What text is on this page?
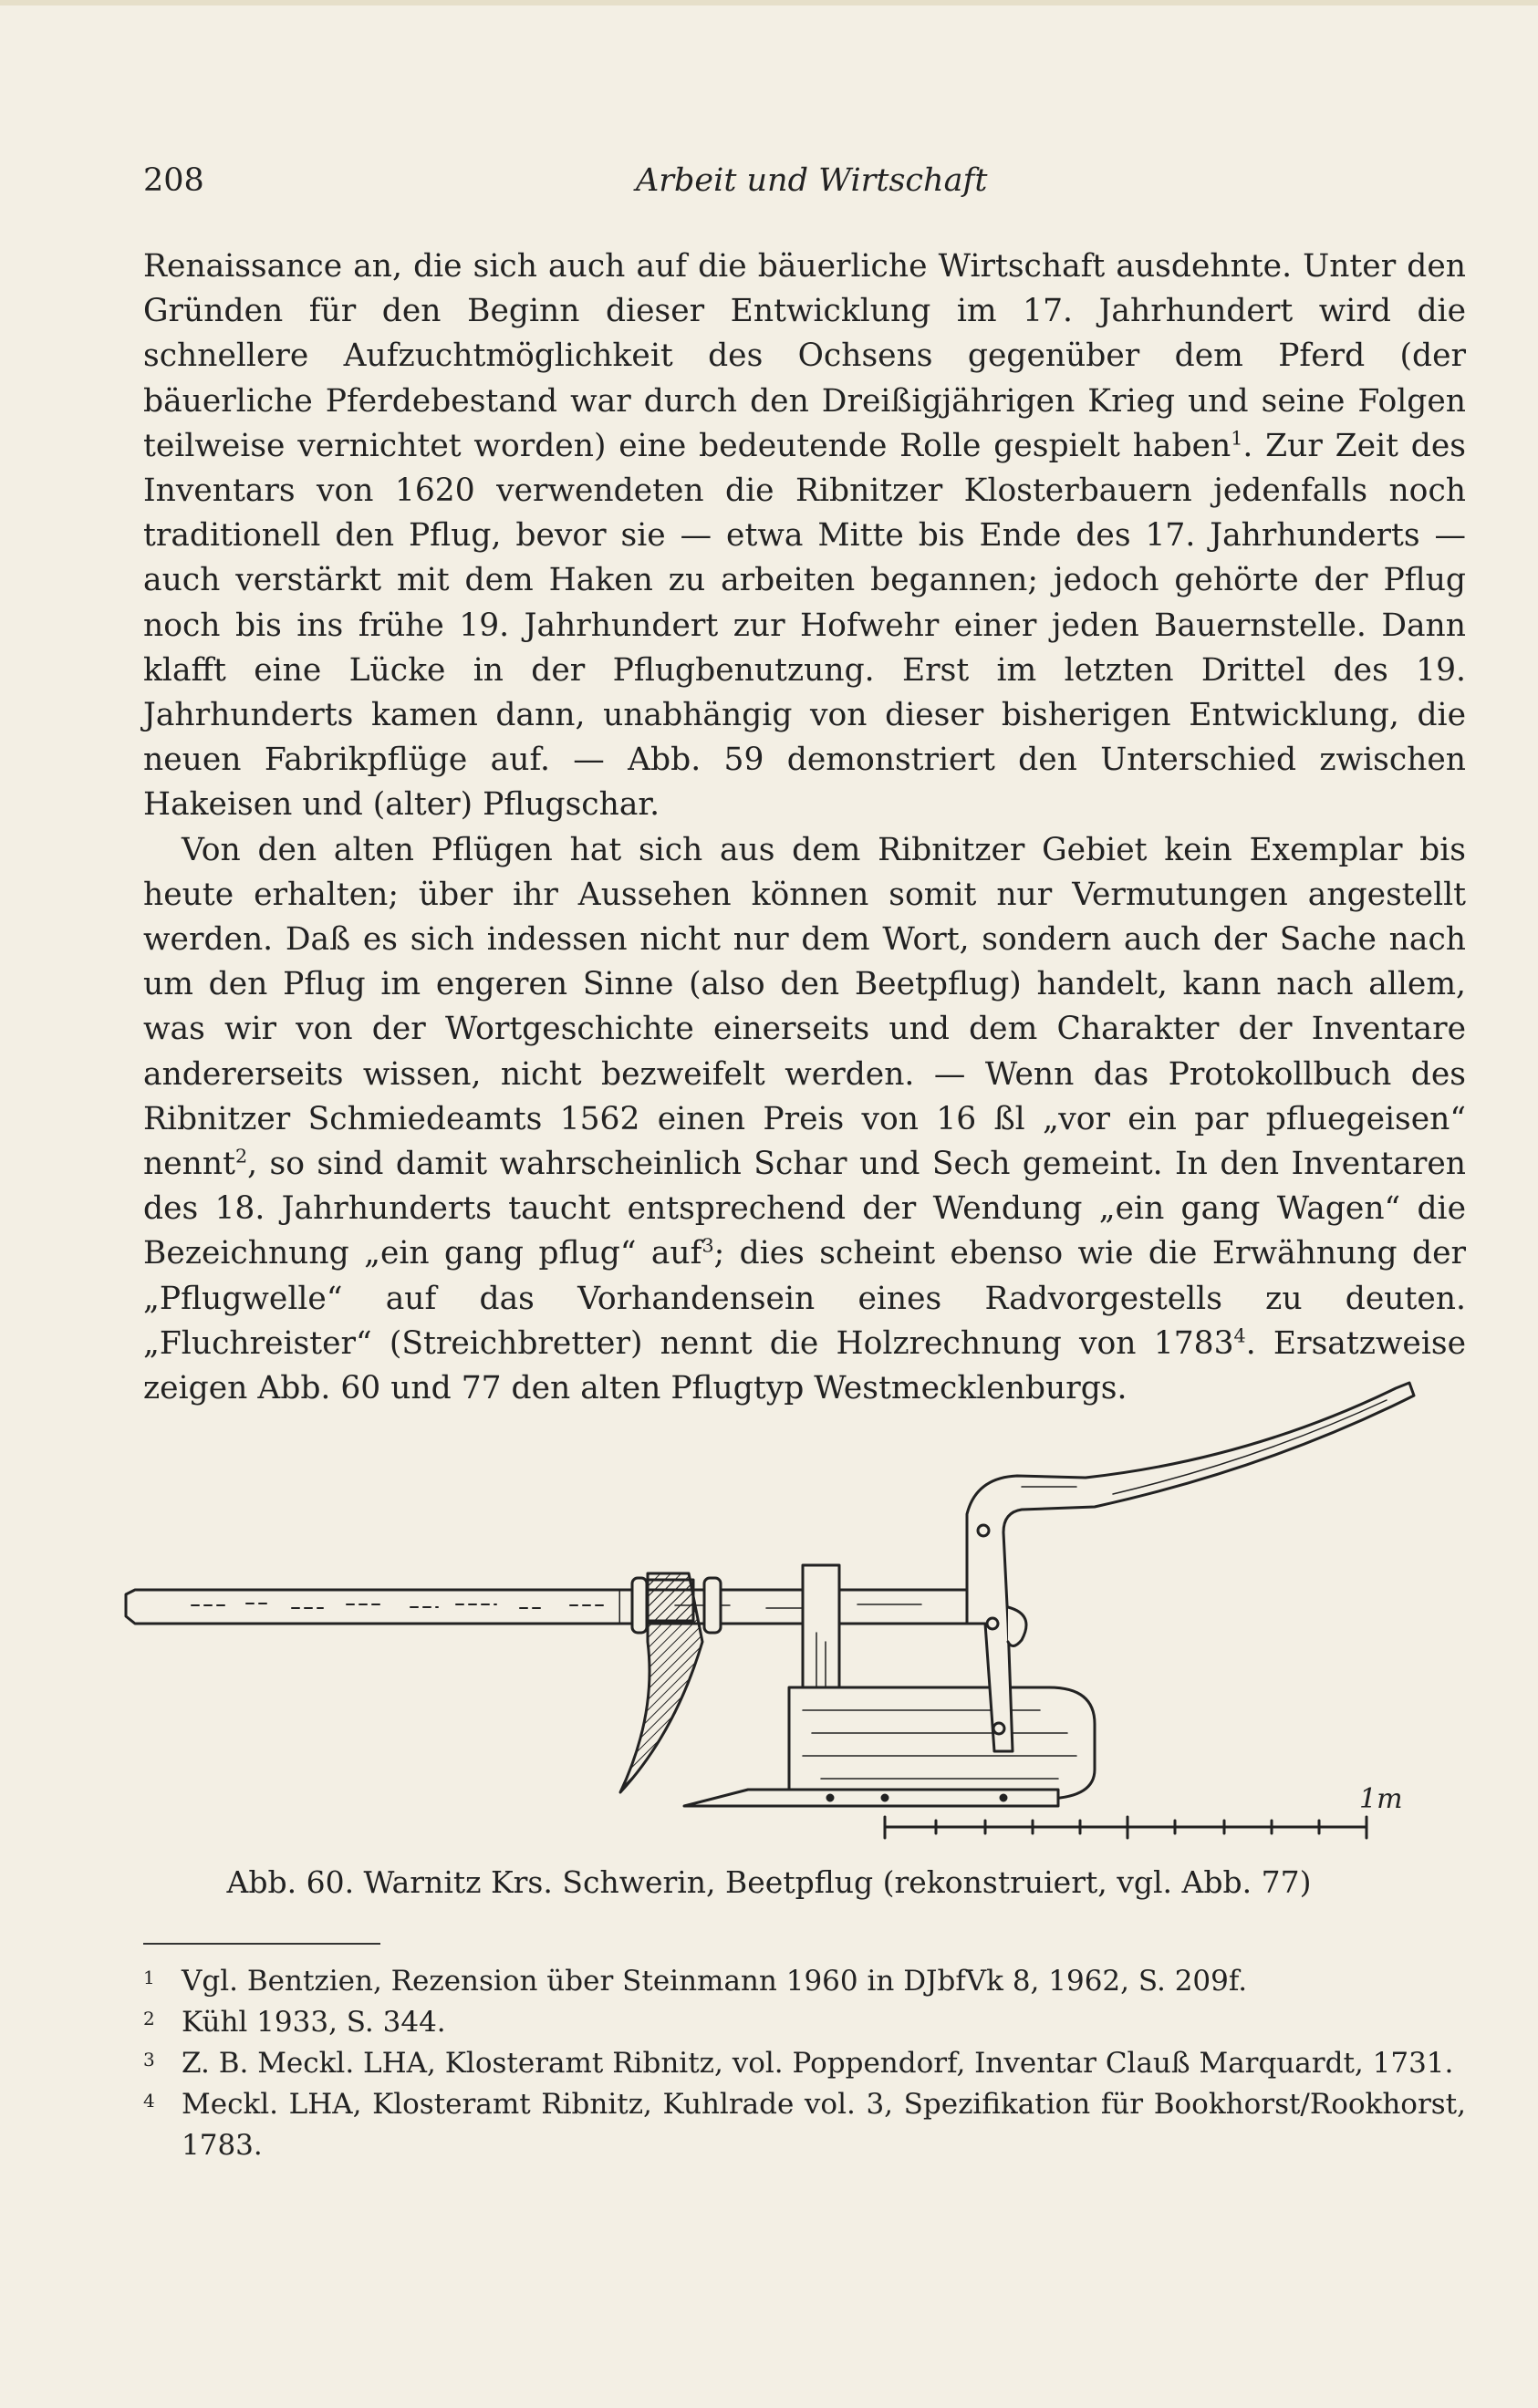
208	Arbeit und Wirtschaft

Renaissance an, die sich auch auf die bäuerliche Wirtschaft ausdehnte. Unter den Gründen für den Beginn dieser Entwicklung im 17. Jahrhundert wird die schnellere Aufzuchtmöglichkeit des Ochsens gegenüber dem Pferd (der bäuerliche Pferdebestand war durch den Dreißigjährigen Krieg und seine Folgen teilweise vernichtet worden) eine bedeutende Rolle gespielt haben$^1$. Zur Zeit des Inventars von 1620 verwendeten die Ribnitzer Klosterbauern jedenfalls noch traditionell den Pflug, bevor sie — etwa Mitte bis Ende des 17. Jahrhunderts — auch verstärkt mit dem Haken zu arbeiten begannen; jedoch gehörte der Pflug noch bis ins frühe 19. Jahrhundert zur Hofwehr einer jeden Bauernstelle. Dann klafft eine Lücke in der Pflugbenutzung. Erst im letzten Drittel des 19. Jahrhunderts kamen dann, unabhängig von dieser bisherigen Entwicklung, die neuen Fabrikpflüge auf. — Abb. 59 demonstriert den Unterschied zwischen Hakeisen und (alter) Pflugschar.

Von den alten Pflügen hat sich aus dem Ribnitzer Gebiet kein Exemplar bis heute erhalten; über ihr Aussehen können somit nur Vermutungen angestellt werden. Daß es sich indessen nicht nur dem Wort, sondern auch der Sache nach um den Pflug im engeren Sinne (also den Beetpflug) handelt, kann nach allem, was wir von der Wortgeschichte einerseits und dem Charakter der Inventare andererseits wissen, nicht bezweifelt werden. — Wenn das Protokollbuch des Ribnitzer Schmiedeamts 1562 einen Preis von 16 ßl „vor ein par pfluegeisen“ nennt$^2$, so sind damit wahrscheinlich Schar und Sech gemeint. In den Inventaren des 18. Jahrhunderts taucht entsprechend der Wendung „ein gang Wagen“ die Bezeichnung „ein gang pflug“ auf$^3$; dies scheint ebenso wie die Erwähnung der „Pflugwelle“ auf das Vorhandensein eines Radvorgestells zu deuten. „Fluchreister“ (Streichbretter) nennt die Holzrechnung von 1783$^4$. Ersatzweise zeigen Abb. 60 und 77 den alten Pflugtyp Westmecklenburgs.

1m
Abb. 60. Warnitz Krs. Schwerin, Beetpflug (rekonstruiert, vgl. Abb. 77)
1 Vgl. Bentzien, Rezension über Steinmann 1960 in DJbfVk 8, 1962, S. 209f.
2 Kühl 1933, S. 344.
3 Z. B. Meckl. LHA, Klosteramt Ribnitz, vol. Poppendorf, Inventar Clauß Marquardt, 1731.
4 Meckl. LHA, Klosteramt Ribnitz, Kuhlrade vol. 3, Spezifikation für Bookhorst/Rookhorst, 1783.
